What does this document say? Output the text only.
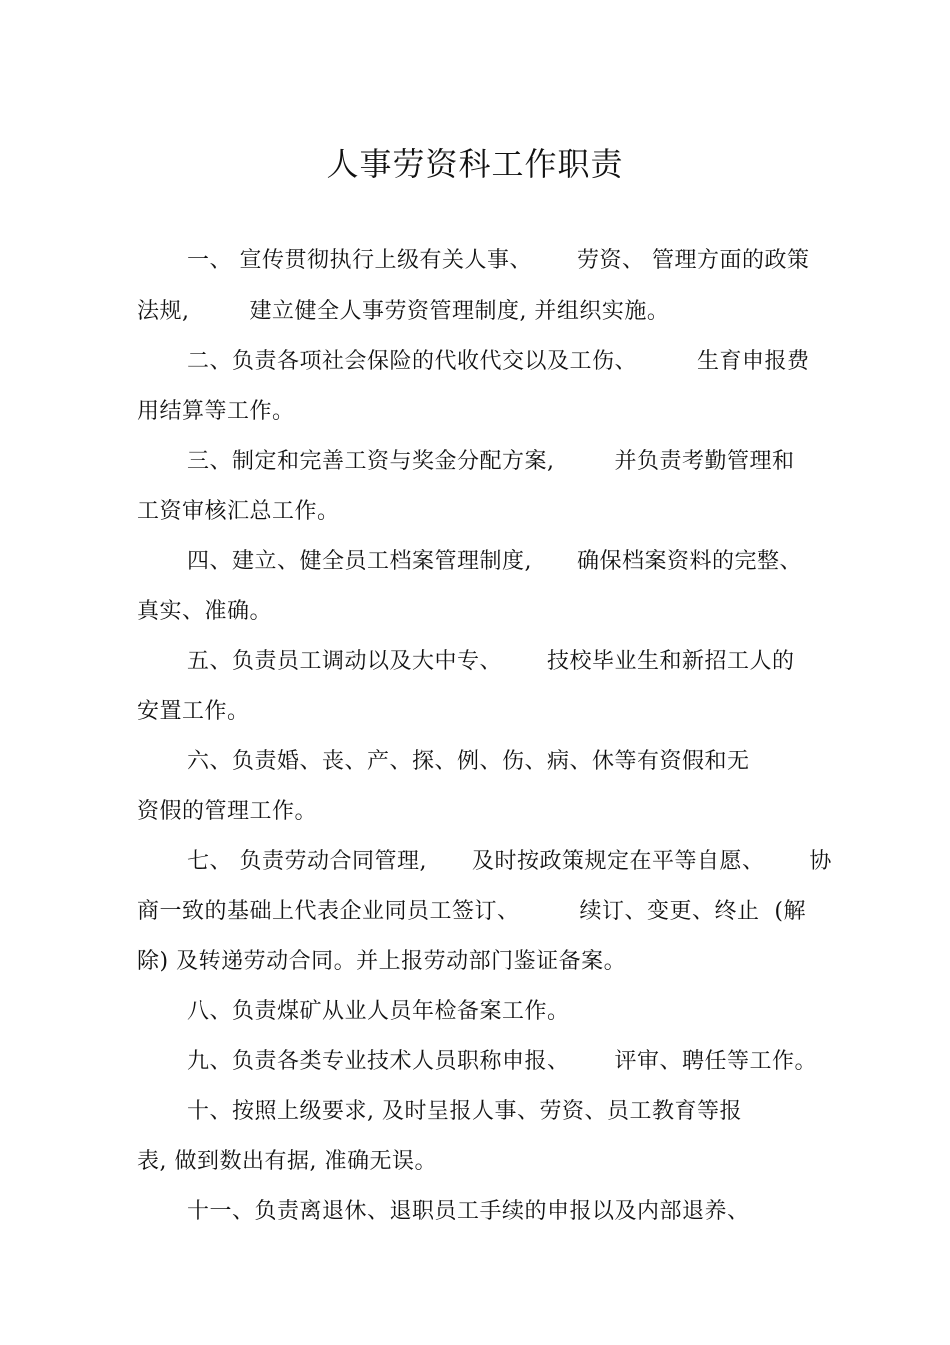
人事劳资科工作职责
一、 宣传贯彻执行上级有关人事、      劳资、 管理方面的政策
法规,        建立健全人事劳资管理制度, 并组织实施。
二、负责各项社会保险的代收代交以及工伤、        生育申报费
用结算等工作。
三、制定和完善工资与奖金分配方案,        并负责考勤管理和
工资审核汇总工作。
四、建立、健全员工档案管理制度,      确保档案资料的完整、
真实、准确。
五、负责员工调动以及大中专、      技校毕业生和新招工人的
安置工作。
六、负责婚、丧、产、探、例、伤、病、休等有资假和无
资假的管理工作。
七、 负责劳动合同管理,      及时按政策规定在平等自愿、      协
商一致的基础上代表企业同员工签订、        续订、变更、终止  (解
除) 及转递劳动合同。并上报劳动部门鉴证备案。
八、负责煤矿从业人员年检备案工作。
九、负责各类专业技术人员职称申报、      评审、聘任等工作。
十、按照上级要求, 及时呈报人事、劳资、员工教育等报
表, 做到数出有据, 准确无误。
十一、负责离退休、退职员工手续的申报以及内部退养、
